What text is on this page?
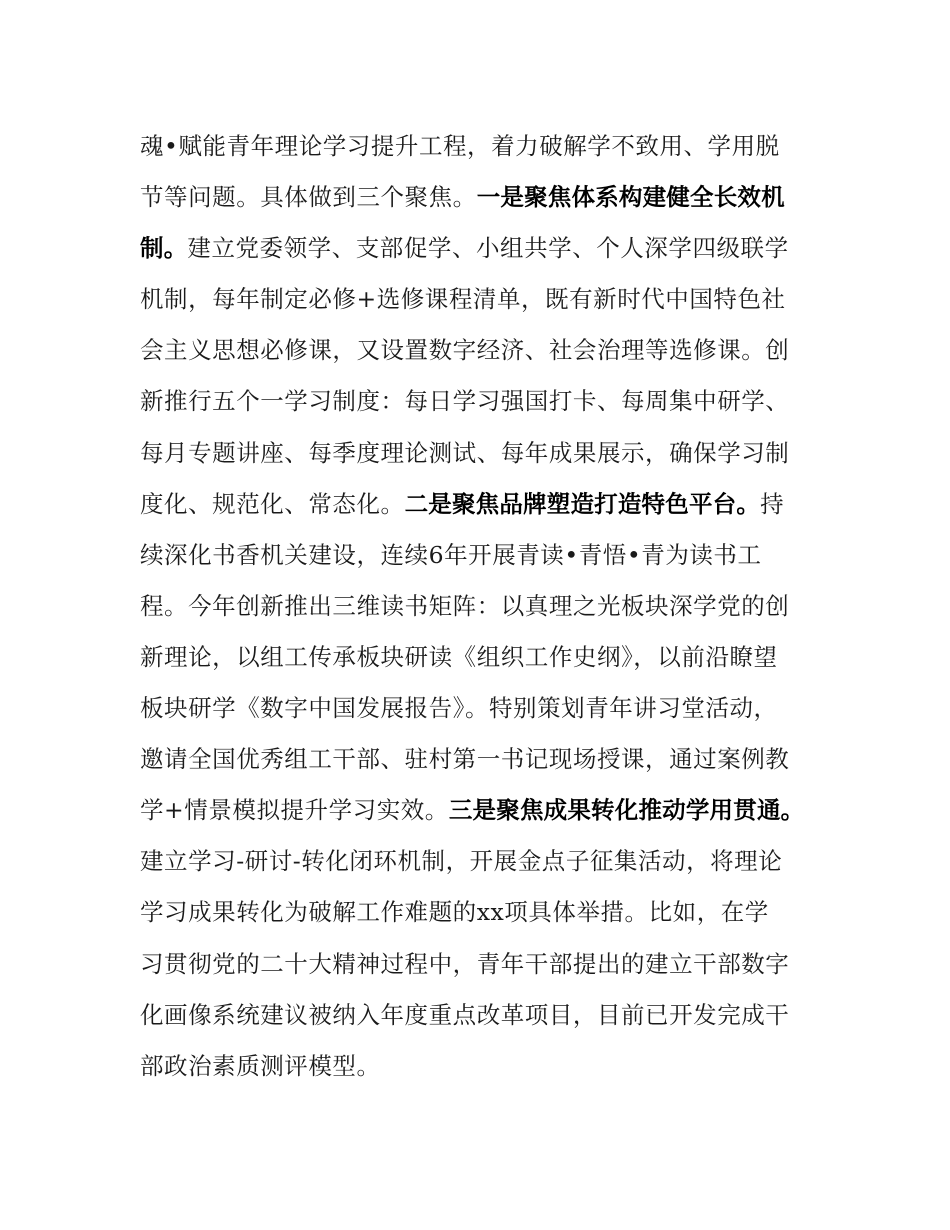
魂•赋能青年理论学习提升工程，着力破解学不致用、学用脱
节等问题。具体做到三个聚焦。一是聚焦体系构建健全长效机
制。建立党委领学、支部促学、小组共学、个人深学四级联学
机制，每年制定必修+选修课程清单，既有新时代中国特色社
会主义思想必修课，又设置数字经济、社会治理等选修课。创
新推行五个一学习制度：每日学习强国打卡、每周集中研学、
每月专题讲座、每季度理论测试、每年成果展示，确保学习制
度化、规范化、常态化。二是聚焦品牌塑造打造特色平台。持
续深化书香机关建设，连续6年开展青读•青悟•青为读书工
程。今年创新推出三维读书矩阵：以真理之光板块深学党的创
新理论，以组工传承板块研读《组织工作史纲》，以前沿瞭望
板块研学《数字中国发展报告》。特别策划青年讲习堂活动，
邀请全国优秀组工干部、驻村第一书记现场授课，通过案例教
学+情景模拟提升学习实效。三是聚焦成果转化推动学用贯通。
建立学习-研讨-转化闭环机制，开展金点子征集活动，将理论
学习成果转化为破解工作难题的xx项具体举措。比如，在学
习贯彻党的二十大精神过程中，青年干部提出的建立干部数字
化画像系统建议被纳入年度重点改革项目，目前已开发完成干
部政治素质测评模型。
